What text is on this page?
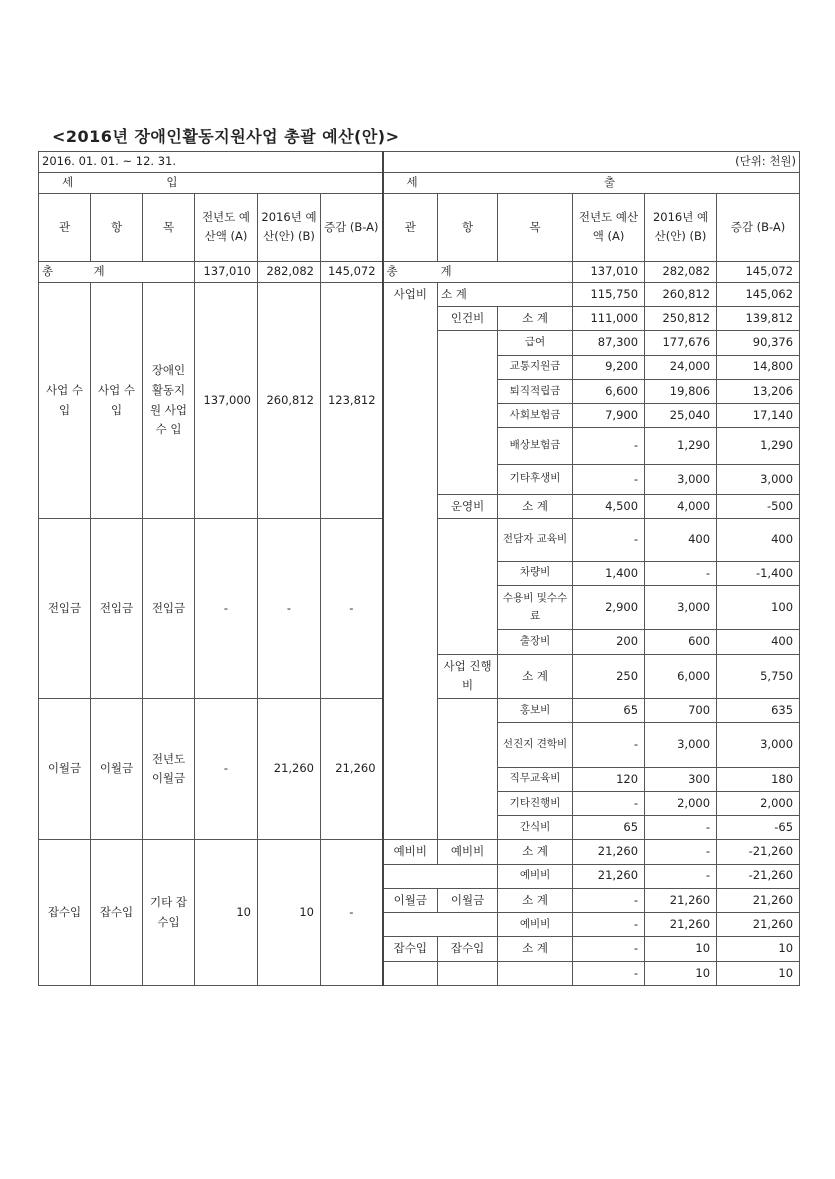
<2016년 장애인활동지원사업 총괄 예산(안)>
2016. 01. 01. ~ 12. 31.						(단위: 천원)					

세 입						세 출					

관	항	목	전년도 예산액 (A)	2016년 예산(안) (B)	증감 (B-A)	관	항	목	전년도 예산액 (A)	2016년 예산(안) (B)	증감 (B-A)
총	계		137,010	282,082	145,072	총	계		137,010	282,082	145,072
사업 수입	사업 수입	장애인 활동지 원 사업수 입	137,000	260,812	123,812	사업비	소 계		115,750	260,812	145,062
							인건비	소 계	111,000	250,812	139,812
								급여	87,300	177,676	90,376
								교통지원금	9,200	24,000	14,800
								퇴직적립금	6,600	19,806	13,206
								사회보험금	7,900	25,040	17,140
								배상보험금	-	1,290	1,290
								기타후생비	-	3,000	3,000
							운영비	소 계	4,500	4,000	-500
전입금	전입금	전입금	-	-	-			전담자 교육비	-	400	400
								차량비	1,400	-	-1,400
								수용비 및수수료	2,900	3,000	100
								출장비	200	600	400
							사업 진행비	소 계	250	6,000	5,750
이월금	이월금	전년도 이월금	-	21,260	21,260			홍보비	65	700	635
								선진지 견학비	-	3,000	3,000
								직무교육비	120	300	180
								기타진행비	-	2,000	2,000
								간식비	65	-	-65
잡수입	잡수입	기타 잡수입	10	10	-	예비비	예비비	소 계	21,260	-	-21,260
								예비비	21,260	-	-21,260
						이월금	이월금	소 계	-	21,260	21,260
								예비비	-	21,260	21,260
						잡수입	잡수입	소 계	-	10	10
									-	10	10
